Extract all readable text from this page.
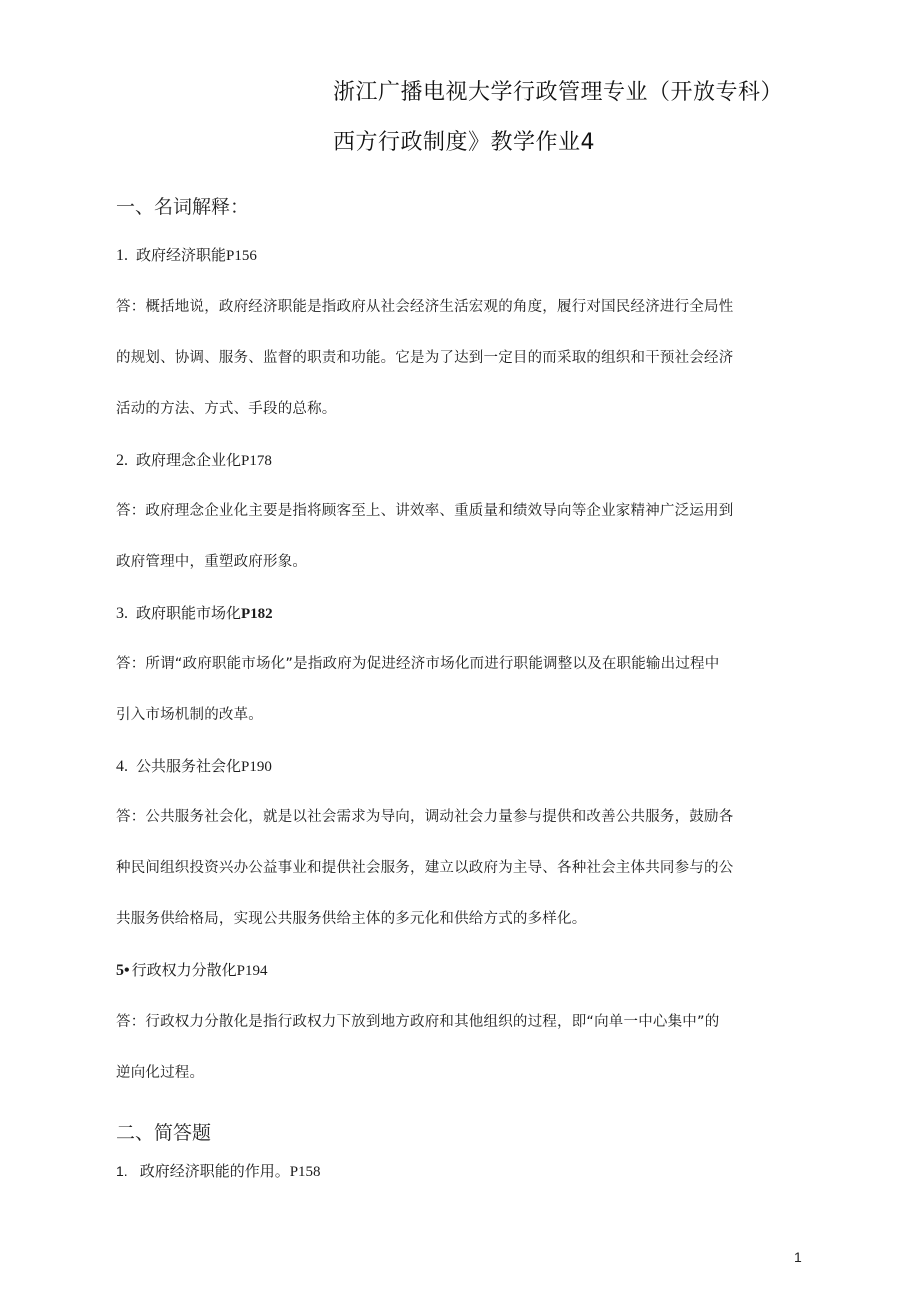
浙江广播电视大学行政管理专业（开放专科）
西方行政制度》教学作业4
一、名词解释：
1. 政府经济职能P156
答：概括地说，政府经济职能是指政府从社会经济生活宏观的角度，履行对国民经济进行全局性
的规划、协调、服务、监督的职责和功能。它是为了达到一定目的而采取的组织和干预社会经济
活动的方法、方式、手段的总称。
2. 政府理念企业化P178
答：政府理念企业化主要是指将顾客至上、讲效率、重质量和绩效导向等企业家精神广泛运用到
政府管理中，重塑政府形象。
3. 政府职能市场化P182
答：所谓“政府职能市场化”是指政府为促进经济市场化而进行职能调整以及在职能输出过程中
引入市场机制的改革。
4. 公共服务社会化P190
答：公共服务社会化，就是以社会需求为导向，调动社会力量参与提供和改善公共服务，鼓励各
种民间组织投资兴办公益事业和提供社会服务，建立以政府为主导、各种社会主体共同参与的公
共服务供给格局，实现公共服务供给主体的多元化和供给方式的多样化。
5• 行政权力分散化P194
答：行政权力分散化是指行政权力下放到地方政府和其他组织的过程，即“向单一中心集中”的
逆向化过程。
二、简答题
1. 政府经济职能的作用。P158
1
